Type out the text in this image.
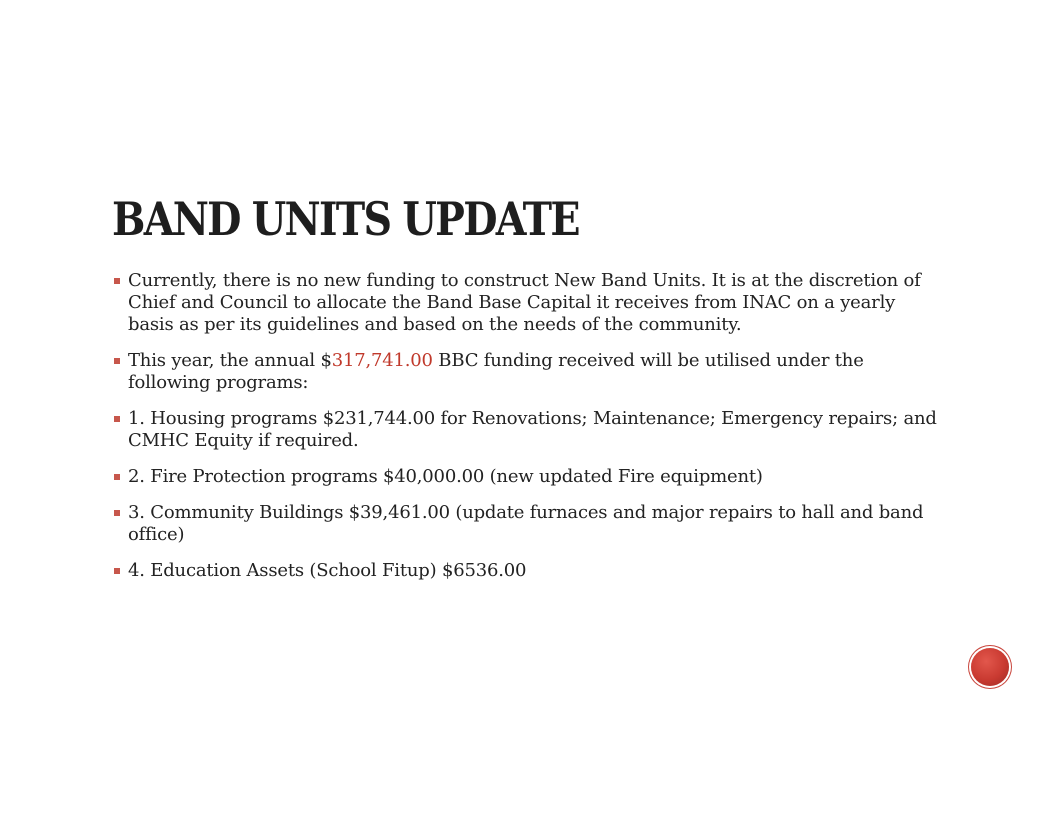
BAND UNITS UPDATE
Currently, there is no new funding to construct New Band Units. It is at the discretion of Chief and Council to allocate the Band Base Capital it receives from INAC on a yearly basis as per its guidelines and based on the needs of the community.
This year, the annual $317,741.00 BBC funding received will be utilised under the following programs:
1. Housing programs $231,744.00 for Renovations; Maintenance; Emergency repairs; and CMHC Equity if required.
2. Fire Protection programs $40,000.00 (new updated Fire equipment)
3. Community Buildings $39,461.00 (update furnaces and major repairs to hall and band office)
4. Education Assets (School Fitup) $6536.00
